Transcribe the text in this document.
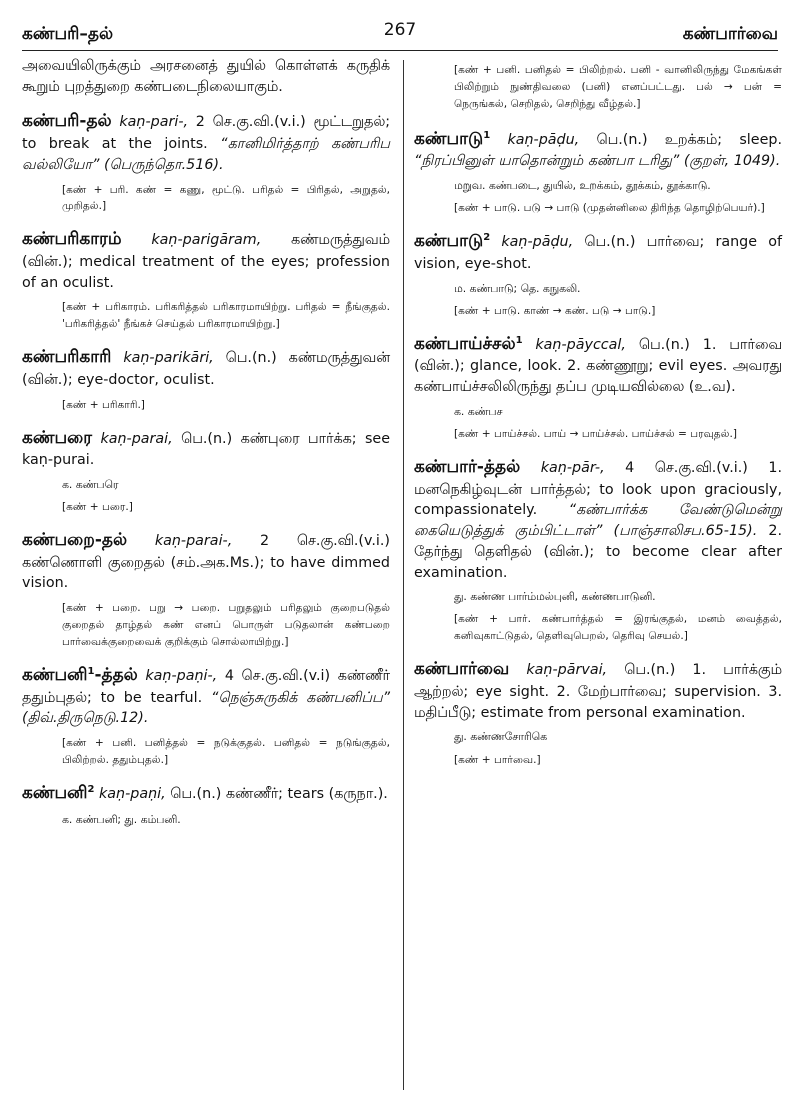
கண்பரி–தல்	267	கண்பார்வை

அவையிலிருக்கும் அரசனைத் துயில் கொள்ளக் கருதிக் கூறும் புறத்துறை கண்படைநிலையாகும்.

கண்பரி-தல் kaṇ-pari-, 2 செ.கு.வி.(v.i.) மூட்டறுதல்; to break at the joints. “கானிமிர்த்தாற் கண்பரிப வல்லியோ” (பெருந்தொ.516).

[கண் + பரி. கண் = கணு, மூட்டு. பரிதல் = பிரிதல், அறுதல், முறிதல்.]

கண்பரிகாரம் kaṇ-parigāram, கண்மருத்துவம் (வின்.); medical treatment of the eyes; profession of an oculist.

[கண் + பரிகாரம். பரிகரித்தல் பரிகாரமாயிற்று. பரிதல் = நீங்குதல். 'பரிகரித்தல்' நீங்கச் செய்தல் பரிகாரமாயிற்று.]

கண்பரிகாரி kaṇ-parikāri, பெ.(n.) கண்மருத்துவன் (வின்.); eye-doctor, oculist.

[கண் + பரிகாரி.]

கண்பரை kaṇ-parai, பெ.(n.) கண்புரை பார்க்க; see kaṇ-purai.

க. கண்பரெ

[கண் + பரை.]

கண்பறை-தல் kaṇ-parai-, 2 செ.கு.வி.(v.i.) கண்ணொளி குறைதல் (சம்.அக.Ms.); to have dimmed vision.

[கண் + பறை. பறு → பறை. பறுதலும் பரிதலும் குறைபடுதல் குறைதல் தாழ்தல் கண் எனப் பொருள் படுதலான் கண்பறை பார்வைக்குறைவைக் குறிக்கும் சொல்லாயிற்று.]

கண்பனி$^1$-த்தல் kaṇ-paṇi-, 4 செ.கு.வி.(v.i) கண்ணீர் ததும்புதல்; to be tearful. “நெஞ்சுருகிக் கண்பனிப்ப” (திவ்.திருநெடு.12).

[கண் + பனி. பனித்தல் = நடுக்குதல். பனிதல் = நடுங்குதல், பிலிற்றல். ததும்புதல்.]

கண்பனி$^2$ kaṇ-paṇi, பெ.(n.) கண்ணீர்; tears (கருநா.).

க. கண்பனி; து. கம்பனி.

[கண் + பனி. பனிதல் = பிலிற்றல். பனி - வானிலிருந்து மேகங்கள் பிலிற்றும் நுண்திவலை (பனி) எனப்பட்டது. பல் → பன் = நெருங்கல், செறிதல், செறிந்து வீழ்தல்.]

கண்பாடு$^1$ kaṇ-pāḍu, பெ.(n.) உறக்கம்; sleep. “நிரப்பினுள் யாதொன்றும் கண்பா டரிது” (குறள், 1049).

மறுவ. கண்படை, துயில், உறக்கம், தூக்கம், தூக்காடு.

[கண் + பாடு. படு → பாடு (முதன்னிலை திரிந்த தொழிற்பெயர்).]

கண்பாடு$^2$ kaṇ-pāḍu, பெ.(n.) பார்வை; range of vision, eye-shot.

ம. கண்பாடு; தெ. கநுகலி.

[கண் + பாடு. காண் → கண். படு → பாடு.]

கண்பாய்ச்சல்$^1$ kaṇ-pāyccal, பெ.(n.) 1. பார்வை (வின்.); glance, look. 2. கண்ணூறு; evil eyes. அவரது கண்பாய்ச்சலிலிருந்து தப்ப முடியவில்லை (உ.வ).

க. கண்பச

[கண் + பாய்ச்சல். பாய் → பாய்ச்சல். பாய்ச்சல் = பரவுதல்.]

கண்பார்-த்தல் kaṇ-pār-, 4 செ.கு.வி.(v.i.) 1. மனநெகிழ்வுடன் பார்த்தல்; to look upon graciously, compassionately. “கண்பார்க்க வேண்டுமென்று கையெடுத்துக் கும்பிட்டாள்” (பாஞ்சாலிசப.65-15). 2. தேர்ந்து தெளிதல் (வின்.); to become clear after examination.

து. கண்ண பார்ம்மல்புனி, கண்ணபாடுனி.

[கண் + பார். கண்பார்த்தல் = இரங்குதல், மனம் வைத்தல், கனிவுகாட்டுதல், தெளிவுபெறல், தெரிவு செயல்.]

கண்பார்வை kaṇ-pārvai, பெ.(n.) 1. பார்க்கும் ஆற்றல்; eye sight. 2. மேற்பார்வை; supervision. 3. மதிப்பீடு; estimate from personal examination.

து. கண்ணசோரிகெ

[கண் + பார்வை.]
